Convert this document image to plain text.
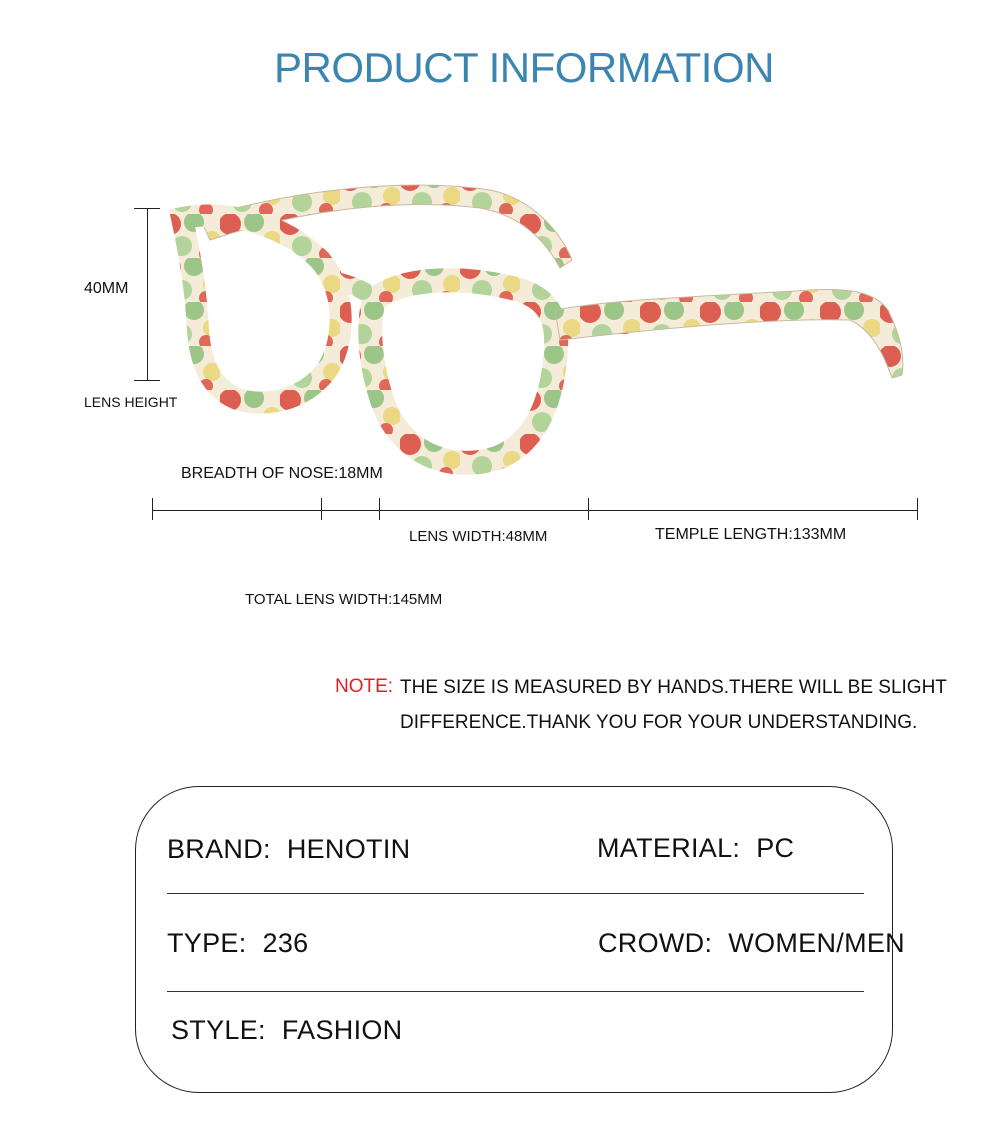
PRODUCT INFORMATION
40MM
LENS HEIGHT
BREADTH OF NOSE:18MM
LENS WIDTH:48MM	TEMPLE LENGTH:133MM
TOTAL LENS WIDTH:145MM
NOTE: THE SIZE IS MEASURED BY HANDS.THERE WILL BE SLIGHT
DIFFERENCE.THANK YOU FOR YOUR UNDERSTANDING.
BRAND: HENOTIN	MATERIAL: PC
TYPE: 236	CROWD: WOMEN/MEN
STYLE: FASHION
